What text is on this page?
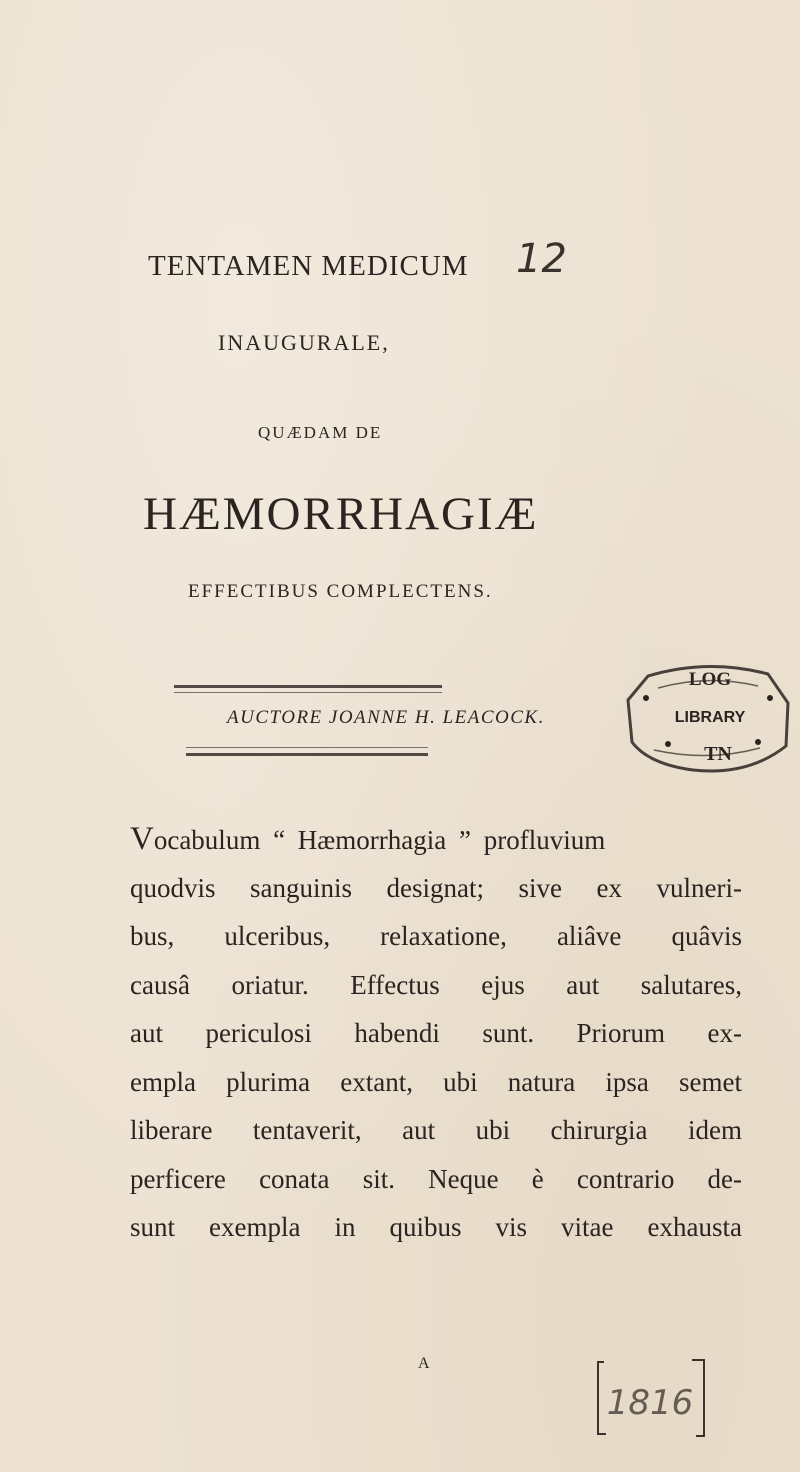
TENTAMEN MEDICUM 12
INAUGURALE,
QUÆDAM DE
HÆMORRHAGIÆ
EFFECTIBUS COMPLECTENS.
AUCTORE JOANNE H. LEACOCK.
LOG
LIBRARY
TN
Vocabulum “ Hæmorrhagia ” profluvium
quodvis sanguinis designat; sive ex vulneri-
bus, ulceribus, relaxatione, aliâve quâvis
causâ oriatur. Effectus ejus aut salutares,
aut periculosi habendi sunt. Priorum ex-
empla plurima extant, ubi natura ipsa semet
liberare tentaverit, aut ubi chirurgia idem
perficere conata sit. Neque è contrario de-
sunt exempla in quibus vis vitae exhausta
A
1816
